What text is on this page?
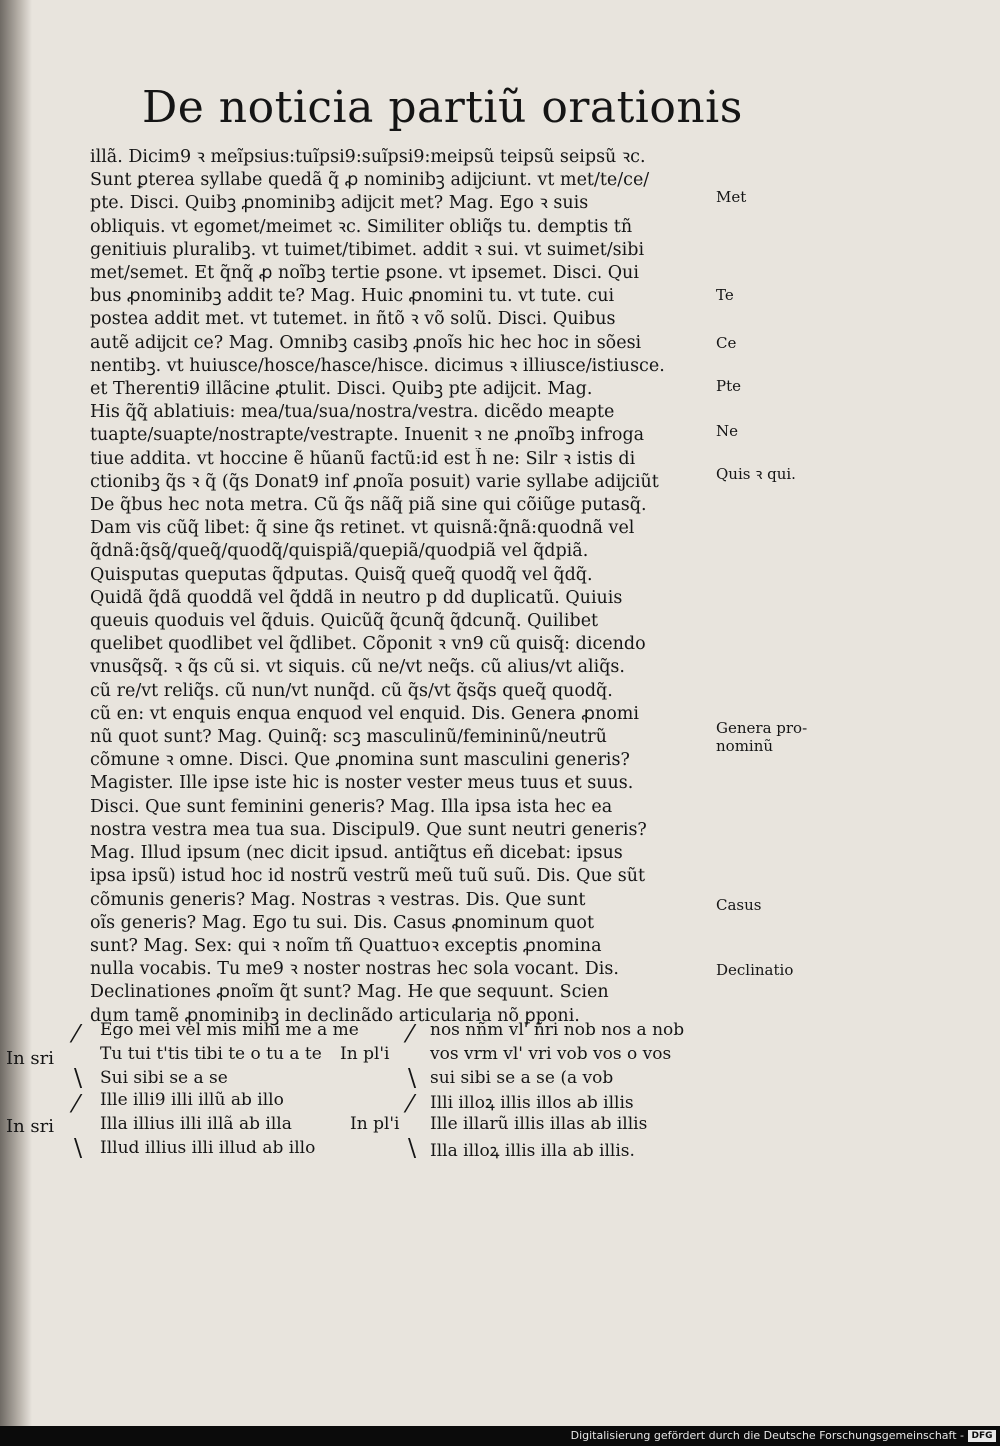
De noticia partiũ orationis
illã. Dicim9 ꝛ meĩpsius:tuĩpsi9:suĩpsi9:meipsũ teipsũ seipsũ ꝛc.
Sunt ꝑterea syllabe quedã q̃ ꝓ nominibꝫ adĳciunt. vt met/te/ce/
pte. Disci. Quibꝫ ꝓnominibꝫ adĳcit met? Mag. Ego ꝛ suis
obliquis. vt egomet/meimet ꝛc. Similiter obliq̃s tu. demptis tñ
genitiuis pluralibꝫ. vt tuimet/tibimet. addit ꝛ sui. vt suimet/sibi
met/semet. Et q̃nq̃ ꝓ noĩbꝫ tertie ꝑsone. vt ipsemet. Disci. Qui
bus ꝓnominibꝫ addit te? Mag. Huic ꝓnomini tu. vt tute. cui
postea addit met. vt tutemet. in ñtõ ꝛ võ solũ. Disci. Quibus
autẽ adĳcit ce? Mag. Omnibꝫ casibꝫ ꝓnoĩs hic hec hoc in sõesi
nentibꝫ. vt huiusce/hosce/hasce/hisce. dicimus ꝛ illiusce/istiusce.
et Therenti9 illãcine ꝓtulit. Disci. Quibꝫ pte adĳcit. Mag.
His q̃q̃ ablatiuis: mea/tua/sua/nostra/vestra. dicẽdo meapte
tuapte/suapte/nostrapte/vestrapte. Inuenit ꝛ ne ꝓnoĩbꝫ infroga
tiue addita. vt hoccine ẽ hũanũ factũ:id est h̃ ne: Silr ꝛ istis di
ctionibꝫ q̃s ꝛ q̃ (q̃s Donat9 inf ꝓnoĩa posuit) varie syllabe adĳciũt
De q̃bus hec nota metra. Cũ q̃s nãq̃ piã sine qui cõiũge putasq̃.
Dam vis cũq̃ libet: q̃ sine q̃s retinet. vt quisnã:q̃nã:quodnã vel
q̃dnã:q̃sq̃/queq̃/quodq̃/quispiã/quepiã/quodpiã vel q̃dpiã.
Quisputas queputas q̃dputas. Quisq̃ queq̃ quodq̃ vel q̃dq̃.
Quidã q̃dã quoddã vel q̃ddã in neutro p dd duplicatũ. Quiuis
queuis quoduis vel q̃duis. Quicũq̃ q̃cunq̃ q̃dcunq̃. Quilibet
quelibet quodlibet vel q̃dlibet. Cõponit ꝛ vn9 cũ quisq̃: dicendo
vnusq̃sq̃. ꝛ q̃s cũ si. vt siquis. cũ ne/vt neq̃s. cũ alius/vt aliq̃s.
cũ re/vt reliq̃s. cũ nun/vt nunq̃d. cũ q̃s/vt q̃sq̃s queq̃ quodq̃.
cũ en: vt enquis enqua enquod vel enquid. Dis. Genera ꝓnomi
nũ quot sunt? Mag. Quinq̃: scꝫ masculinũ/femininũ/neutrũ
cõmune ꝛ omne. Disci. Que ꝓnomina sunt masculini generis?
Magister. Ille ipse iste hic is noster vester meus tuus et suus.
Disci. Que sunt feminini generis? Mag. Illa ipsa ista hec ea
nostra vestra mea tua sua. Discipul9. Que sunt neutri generis?
Mag. Illud ipsum (nec dicit ipsud. antiq̃tus eñ dicebat: ipsus
ipsa ipsũ) istud hoc id nostrũ vestrũ meũ tuũ suũ. Dis. Que sũt
cõmunis generis? Mag. Nostras ꝛ vestras. Dis. Que sunt
oĩs generis? Mag. Ego tu sui. Dis. Casus ꝓnominum quot
sunt? Mag. Sex: qui ꝛ noĩm tñ Quattuoꝛ exceptis ꝓnomina
nulla vocabis. Tu me9 ꝛ noster nostras hec sola vocant. Dis.
Declinationes ꝓnoĩm q̃t sunt? Mag. He que sequunt. Scien
dum tamẽ ꝓnominibꝫ in declinãdo articularia nõ ꝑponi.
Met
Te
Ce
Pte
Ne
Quis ꝛ qui.
Genera pro-
nominũ
Casus
Declinatio
In sri
⁄
\
Ego mei vel mis mihi me a me
Tu tui t'tis tibi te o tu a te
Sui sibi se a se
In pl'i
⁄
\
nos nñm vl' ñri nob nos a nob
vos vrm vl' vri vob vos o vos
sui sibi se a se (a vob
In sri
⁄
\
Ille illi9 illi illũ ab illo
Illa illius illi illã ab illa
Illud illius illi illud ab illo
In pl'i
⁄
\
Illi illoꝝ illis illos ab illis
Ille illarũ illis illas ab illis
Illa illoꝝ illis illa ab illis.
Digitalisierung gefördert durch die Deutsche Forschungsgemeinschaft - DFG
